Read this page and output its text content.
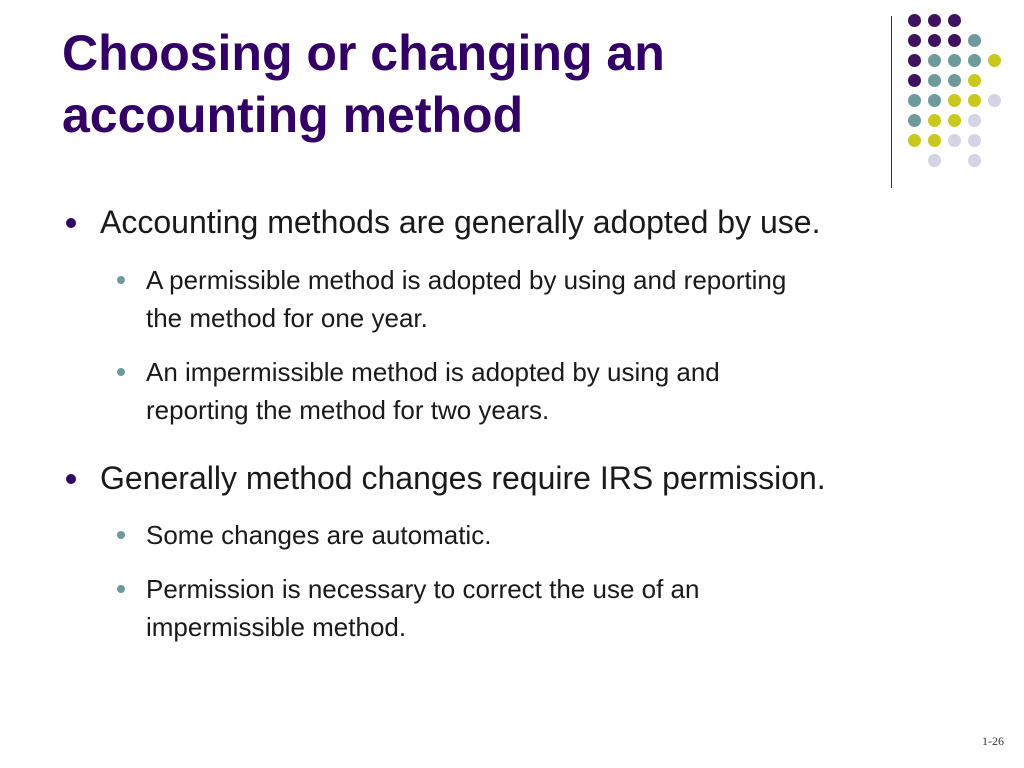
Choosing or changing an
accounting method
Accounting methods are generally adopted by use.
A permissible method is adopted by using and reporting
the method for one year.
An impermissible method is adopted by using and
reporting the method for two years.
Generally method changes require IRS permission.
Some changes are automatic.
Permission is necessary to correct the use of an
impermissible method.
1-26
